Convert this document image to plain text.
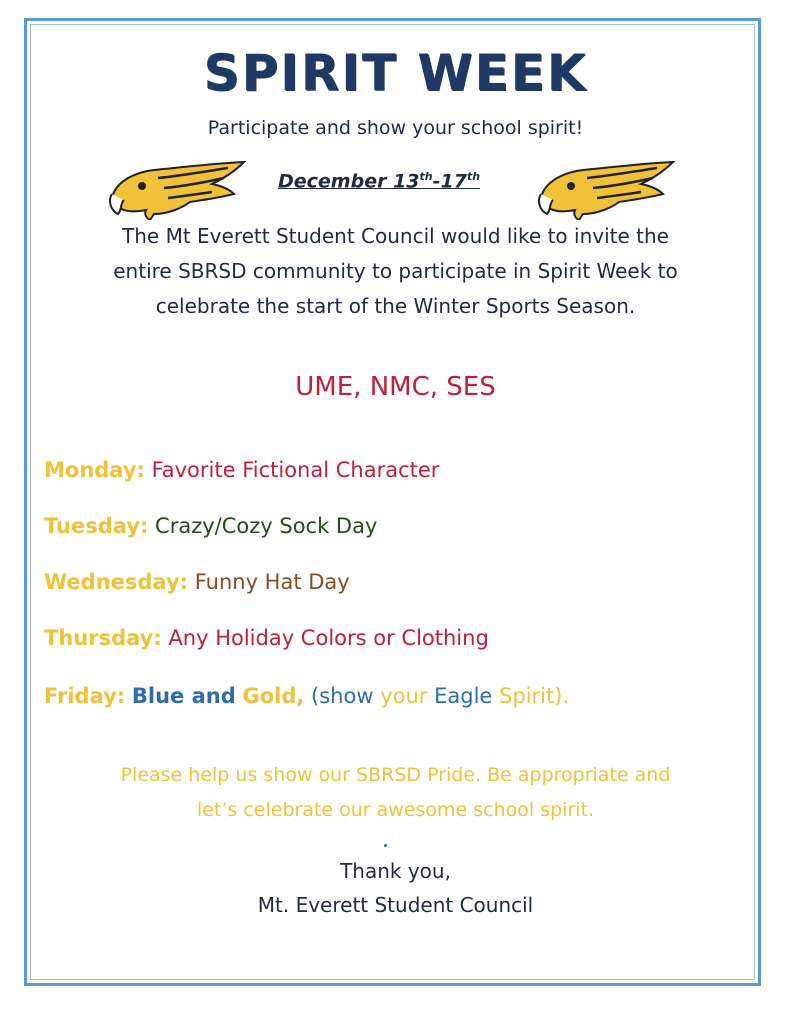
SPIRIT WEEK
Participate and show your school spirit!
December 13th-17th
The Mt Everett Student Council would like to invite the
entire SBRSD community to participate in Spirit Week to
celebrate the start of the Winter Sports Season.
UME, NMC, SES
Monday: Favorite Fictional Character
Tuesday: Crazy/Cozy Sock Day
Wednesday: Funny Hat Day
Thursday: Any Holiday Colors or Clothing
Friday: Blue and Gold, (show your Eagle Spirit).
Please help us show our SBRSD Pride. Be appropriate and
let’s celebrate our awesome school spirit.
Thank you,
Mt. Everett Student Council
